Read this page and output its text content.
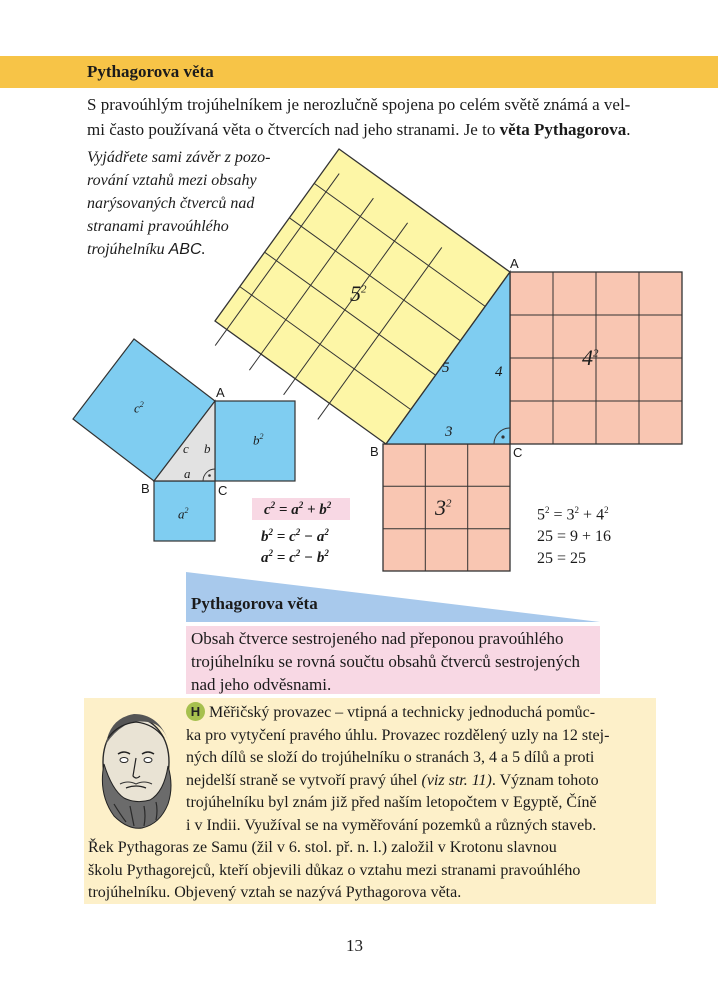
Pythagorova věta
S pravoúhlým trojúhelníkem je nerozlučně spojena po celém světě známá a vel-
mi často používaná věta o čtvercích nad jeho stranami. Je to věta Pythagorova.
Vyjádřete sami závěr z pozo-
rování vztahů mezi obsahy
narýsovaných čtverců nad
stranami pravoúhlého
trojúhelníku ABC.
A
B	C
c b
a
$c^2$
$b^2$
$a^2$
A
B	C
5	4
3
$5^2$
$4^2$
$3^2$
$c^2 = a^2 + b^2$
$b^2 = c^2 - a^2$
$a^2 = c^2 - b^2$
$5^2 = 3^2 + 4^2$
25 = 9 + 16
25 = 25
Pythagorova věta
Obsah čtverce sestrojeného nad přeponou pravoúhlého
trojúhelníku se rovná součtu obsahů čtverců sestrojených
nad jeho odvěsnami.
H Měřičský provazec – vtipná a technicky jednoduchá pomůc-
ka pro vytyčení pravého úhlu. Provazec rozdělený uzly na 12 stej-
ných dílů se složí do trojúhelníku o stranách 3, 4 a 5 dílů a proti
nejdelší straně se vytvoří pravý úhel (viz str. 11). Význam tohoto
trojúhelníku byl znám již před naším letopočtem v Egyptě, Číně
i v Indii. Využíval se na vyměřování pozemků a různých staveb.
Řek Pythagoras ze Samu (žil v 6. stol. př. n. l.) založil v Krotonu slavnou
školu Pythagorejců, kteří objevili důkaz o vztahu mezi stranami pravoúhlého
trojúhelníku. Objevený vztah se nazývá Pythagorova věta.
13
